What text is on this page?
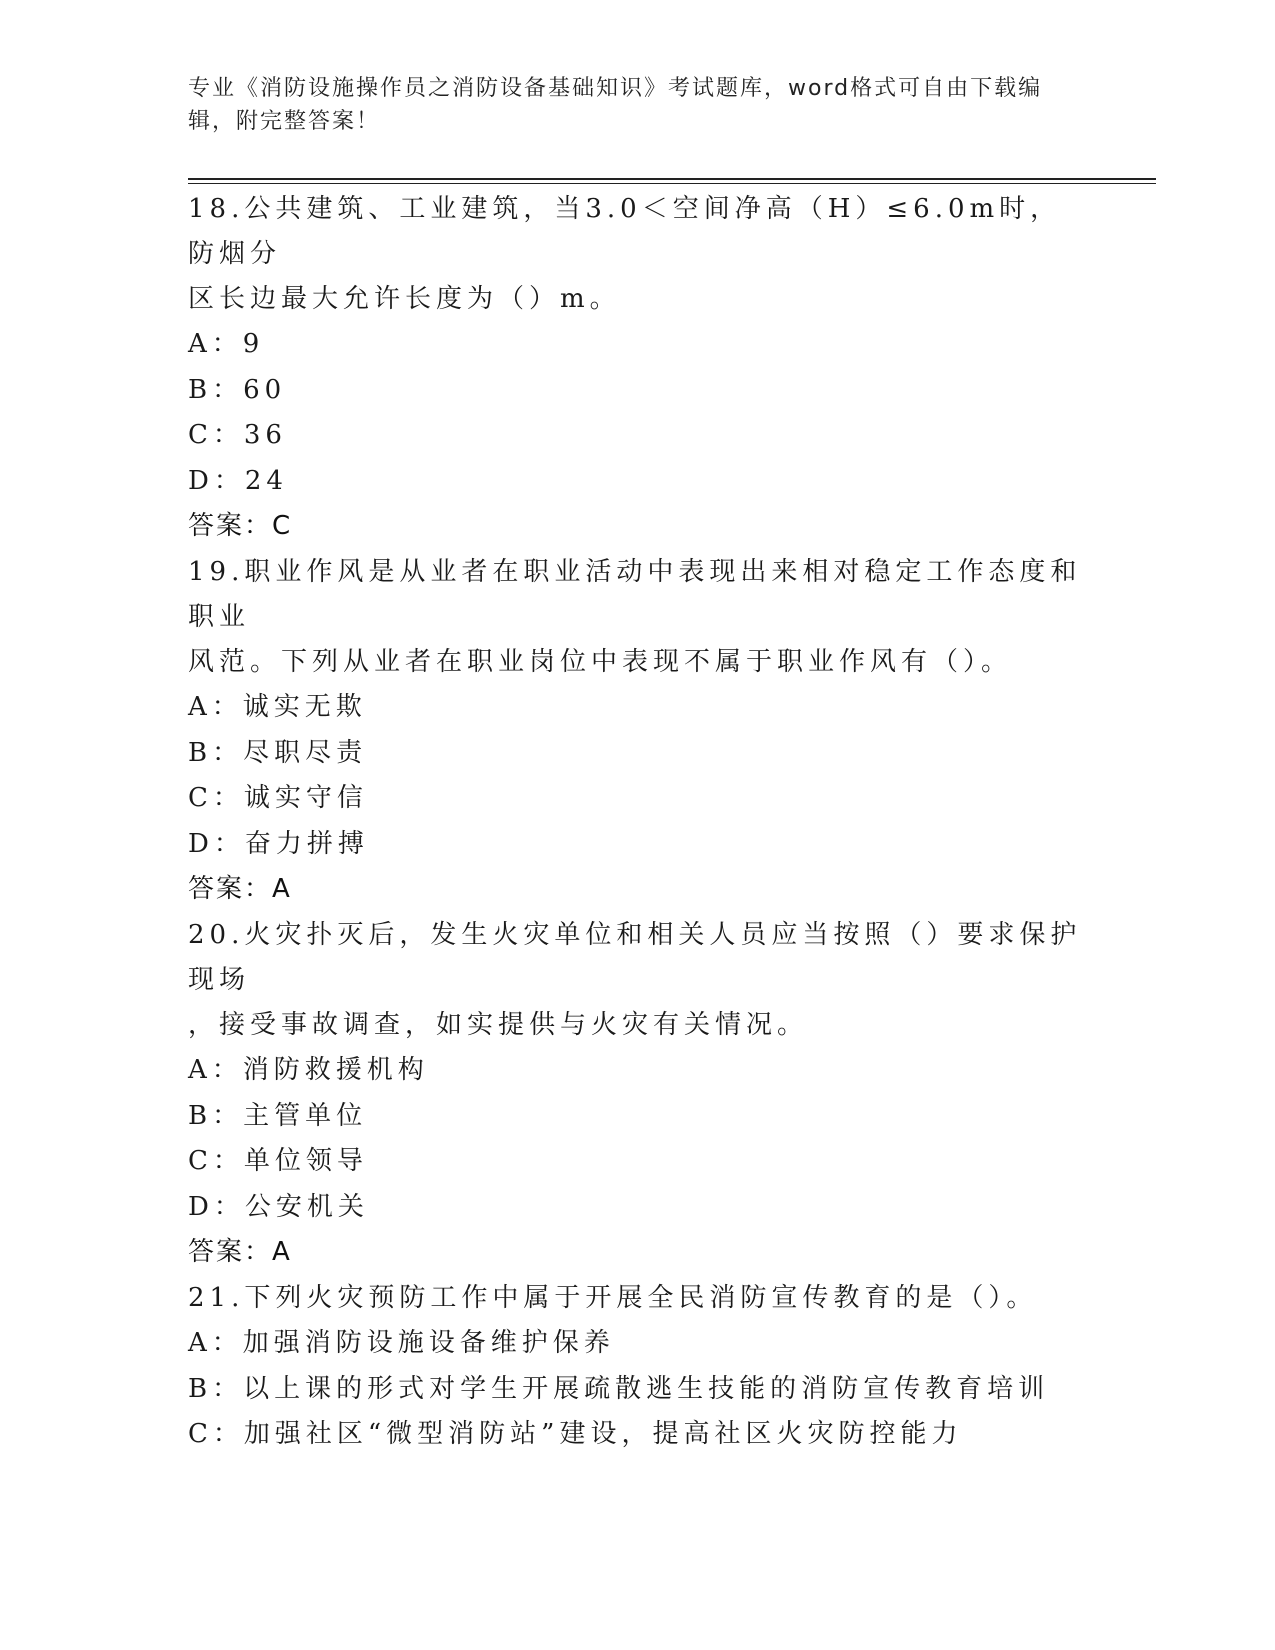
专业《消防设施操作员之消防设备基础知识》考试题库，word格式可自由下载编
辑，附完整答案！

18.公共建筑、工业建筑，当3.0＜空间净高（H）≤6.0m时，防烟分

区长边最大允许长度为（）m。

A：9

B：60

C：36

D：24

答案：C

19.职业作风是从业者在职业活动中表现出来相对稳定工作态度和职业

风范。下列从业者在职业岗位中表现不属于职业作风有（）。

A：诚实无欺

B：尽职尽责

C：诚实守信

D：奋力拼搏

答案：A

20.火灾扑灭后，发生火灾单位和相关人员应当按照（）要求保护现场

，接受事故调查，如实提供与火灾有关情况。

A：消防救援机构

B：主管单位

C：单位领导

D：公安机关

答案：A

21.下列火灾预防工作中属于开展全民消防宣传教育的是（）。

A：加强消防设施设备维护保养

B：以上课的形式对学生开展疏散逃生技能的消防宣传教育培训

C：加强社区“微型消防站”建设，提高社区火灾防控能力
